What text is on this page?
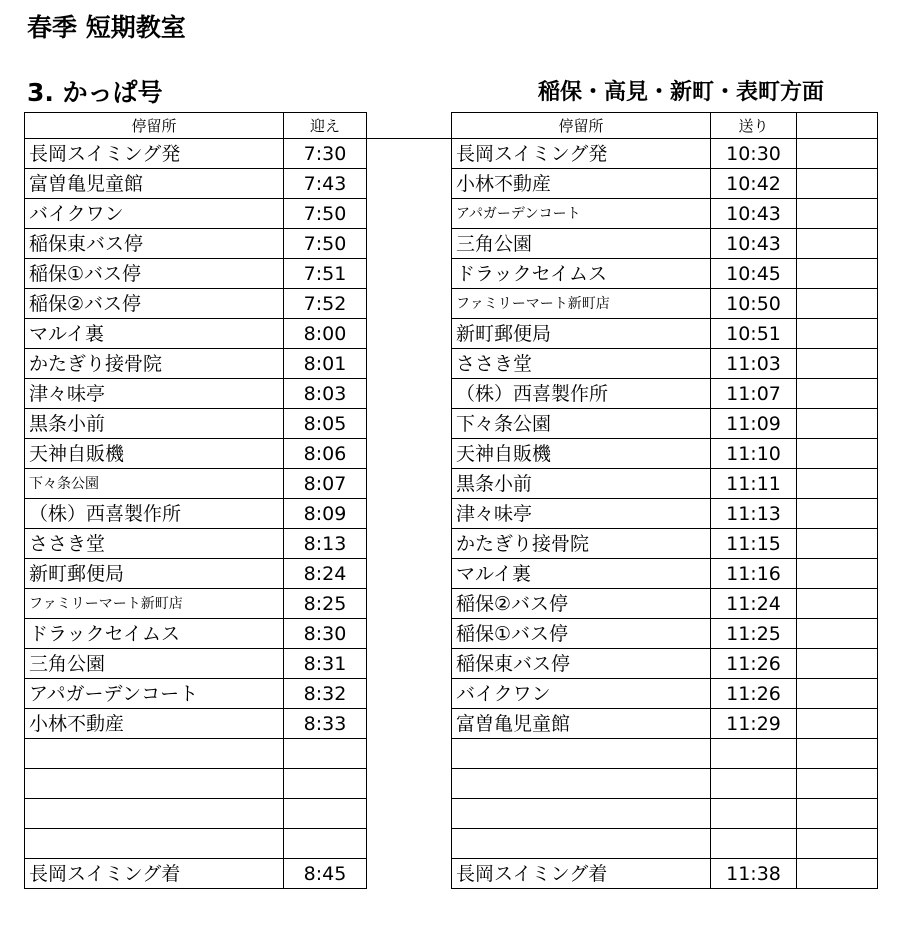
春季 短期教室
3. かっぱ号	稲保・高見・新町・表町方面
停留所	迎え		停留所	送り	
長岡スイミング発	7:30		長岡スイミング発	10:30	
富曽亀児童館	7:43		小林不動産	10:42	
バイクワン	7:50		アパガーデンコート	10:43	
稲保東バス停	7:50		三角公園	10:43	
稲保①バス停	7:51		ドラックセイムス	10:45	
稲保②バス停	7:52		ファミリーマート新町店	10:50	
マルイ裏	8:00		新町郵便局	10:51	
かたぎり接骨院	8:01		ささき堂	11:03	
津々味亭	8:03		（株）西喜製作所	11:07	
黒条小前	8:05		下々条公園	11:09	
天神自販機	8:06		天神自販機	11:10	
下々条公園	8:07		黒条小前	11:11	
（株）西喜製作所	8:09		津々味亭	11:13	
ささき堂	8:13		かたぎり接骨院	11:15	
新町郵便局	8:24		マルイ裏	11:16	
ファミリーマート新町店	8:25		稲保②バス停	11:24	
ドラックセイムス	8:30		稲保①バス停	11:25	
三角公園	8:31		稲保東バス停	11:26	
アパガーデンコート	8:32		バイクワン	11:26	
小林不動産	8:33		富曽亀児童館	11:29	

長岡スイミング着	8:45		長岡スイミング着	11:38	
